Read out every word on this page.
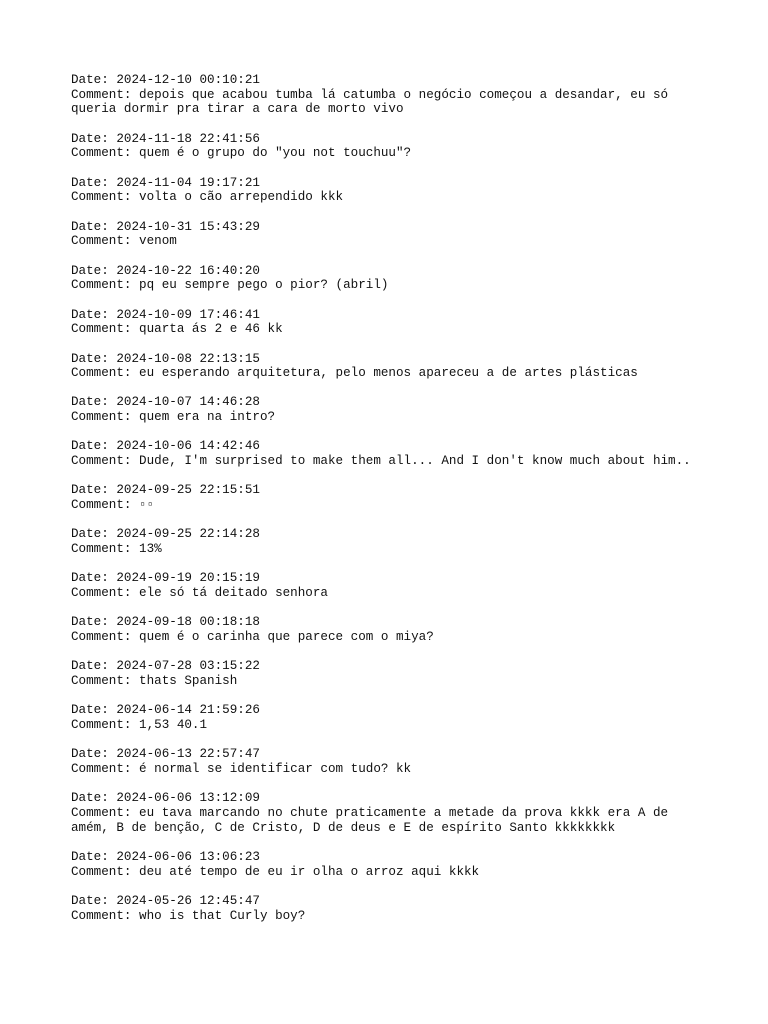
Date: 2024-12-10 00:10:21
Comment: depois que acabou tumba lá catumba o negócio começou a desandar, eu só
queria dormir pra tirar a cara de morto vivo
Date: 2024-11-18 22:41:56
Comment: quem é o grupo do "you not touchuu"?
Date: 2024-11-04 19:17:21
Comment: volta o cão arrependido kkk
Date: 2024-10-31 15:43:29
Comment: venom
Date: 2024-10-22 16:40:20
Comment: pq eu sempre pego o pior? (abril)
Date: 2024-10-09 17:46:41
Comment: quarta ás 2 e 46 kk
Date: 2024-10-08 22:13:15
Comment: eu esperando arquitetura, pelo menos apareceu a de artes plásticas
Date: 2024-10-07 14:46:28
Comment: quem era na intro?
Date: 2024-10-06 14:42:46
Comment: Dude, I'm surprised to make them all... And I don't know much about him..
Date: 2024-09-25 22:15:51
Comment: ▫▫
Date: 2024-09-25 22:14:28
Comment: 13%
Date: 2024-09-19 20:15:19
Comment: ele só tá deitado senhora
Date: 2024-09-18 00:18:18
Comment: quem é o carinha que parece com o miya?
Date: 2024-07-28 03:15:22
Comment: thats Spanish
Date: 2024-06-14 21:59:26
Comment: 1,53 40.1
Date: 2024-06-13 22:57:47
Comment: é normal se identificar com tudo? kk
Date: 2024-06-06 13:12:09
Comment: eu tava marcando no chute praticamente a metade da prova kkkk era A de
amém, B de benção, C de Cristo, D de deus e E de espírito Santo kkkkkkkk
Date: 2024-06-06 13:06:23
Comment: deu até tempo de eu ir olha o arroz aqui kkkk
Date: 2024-05-26 12:45:47
Comment: who is that Curly boy?
